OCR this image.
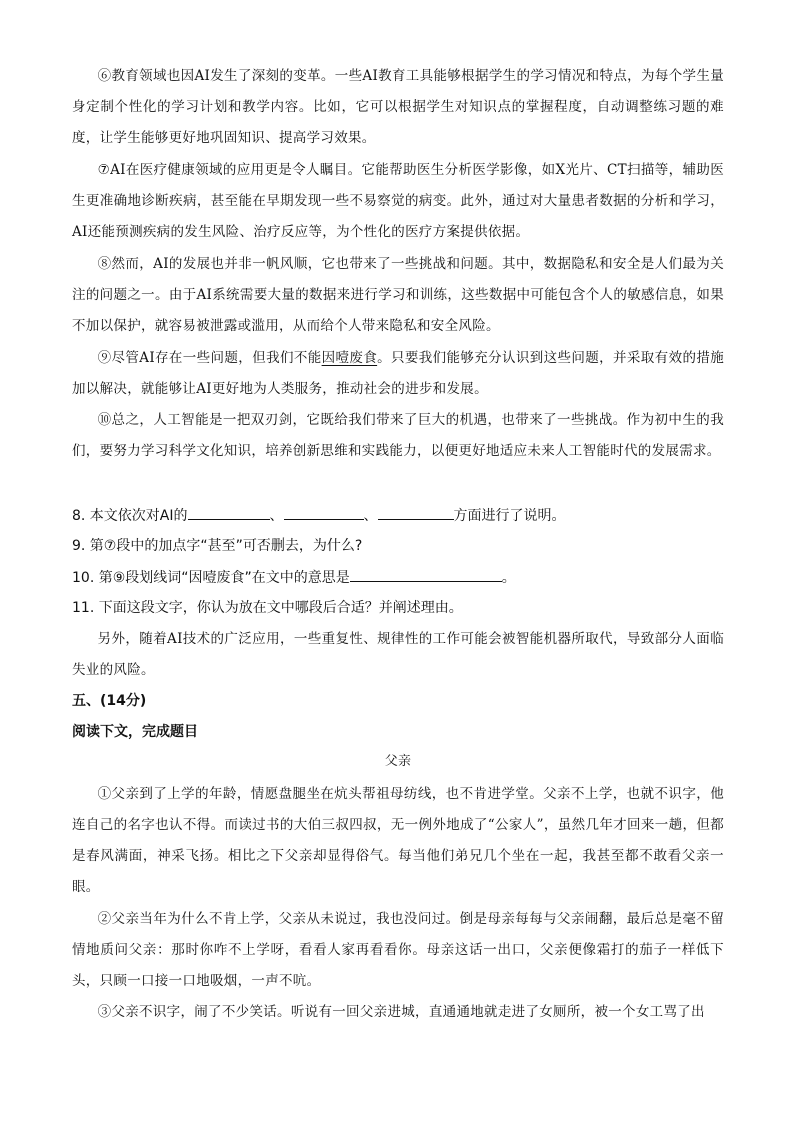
⑥教育领域也因AI发生了深刻的变革。一些AI教育工具能够根据学生的学习情况和特点，为每个学生量身定制个性化的学习计划和教学内容。比如，它可以根据学生对知识点的掌握程度，自动调整练习题的难度，让学生能够更好地巩固知识、提高学习效果。
⑦AI在医疗健康领域的应用更是令人瞩目。它能帮助医生分析医学影像，如X光片、CT扫描等，辅助医生更准确地诊断疾病，甚至能在早期发现一些不易察觉的病变。此外，通过对大量患者数据的分析和学习，AI还能预测疾病的发生风险、治疗反应等，为个性化的医疗方案提供依据。
⑧然而，AI的发展也并非一帆风顺，它也带来了一些挑战和问题。其中，数据隐私和安全是人们最为关注的问题之一。由于AI系统需要大量的数据来进行学习和训练，这些数据中可能包含个人的敏感信息，如果不加以保护，就容易被泄露或滥用，从而给个人带来隐私和安全风险。
⑨尽管AI存在一些问题，但我们不能因噎废食。只要我们能够充分认识到这些问题，并采取有效的措施加以解决，就能够让AI更好地为人类服务，推动社会的进步和发展。
⑩总之，人工智能是一把双刃剑，它既给我们带来了巨大的机遇，也带来了一些挑战。作为初中生的我们，要努力学习科学文化知识，培养创新思维和实践能力，以便更好地适应未来人工智能时代的发展需求。
8. 本文依次对AI的	、	、	方面进行了说明。
9. 第⑦段中的加点字“甚至”可否删去，为什么?
10. 第⑨段划线词“因噎废食”在文中的意思是	。
11. 下面这段文字，你认为放在文中哪段后合适？并阐述理由。
另外，随着AI技术的广泛应用，一些重复性、规律性的工作可能会被智能机器所取代，导致部分人面临失业的风险。
五、(14分)
阅读下文，完成题目
父亲
①父亲到了上学的年龄，情愿盘腿坐在炕头帮祖母纺线，也不肯进学堂。父亲不上学，也就不识字，他连自己的名字也认不得。而读过书的大伯三叔四叔，无一例外地成了“公家人”，虽然几年才回来一趟，但都是春风满面，神采飞扬。相比之下父亲却显得俗气。每当他们弟兄几个坐在一起，我甚至都不敢看父亲一眼。
②父亲当年为什么不肯上学，父亲从未说过，我也没问过。倒是母亲每每与父亲闹翻，最后总是毫不留情地质问父亲：那时你咋不上学呀，看看人家再看看你。母亲这话一出口，父亲便像霜打的茄子一样低下头，只顾一口接一口地吸烟，一声不吭。
③父亲不识字，闹了不少笑话。听说有一回父亲进城，直通通地就走进了女厕所，被一个女工骂了出
